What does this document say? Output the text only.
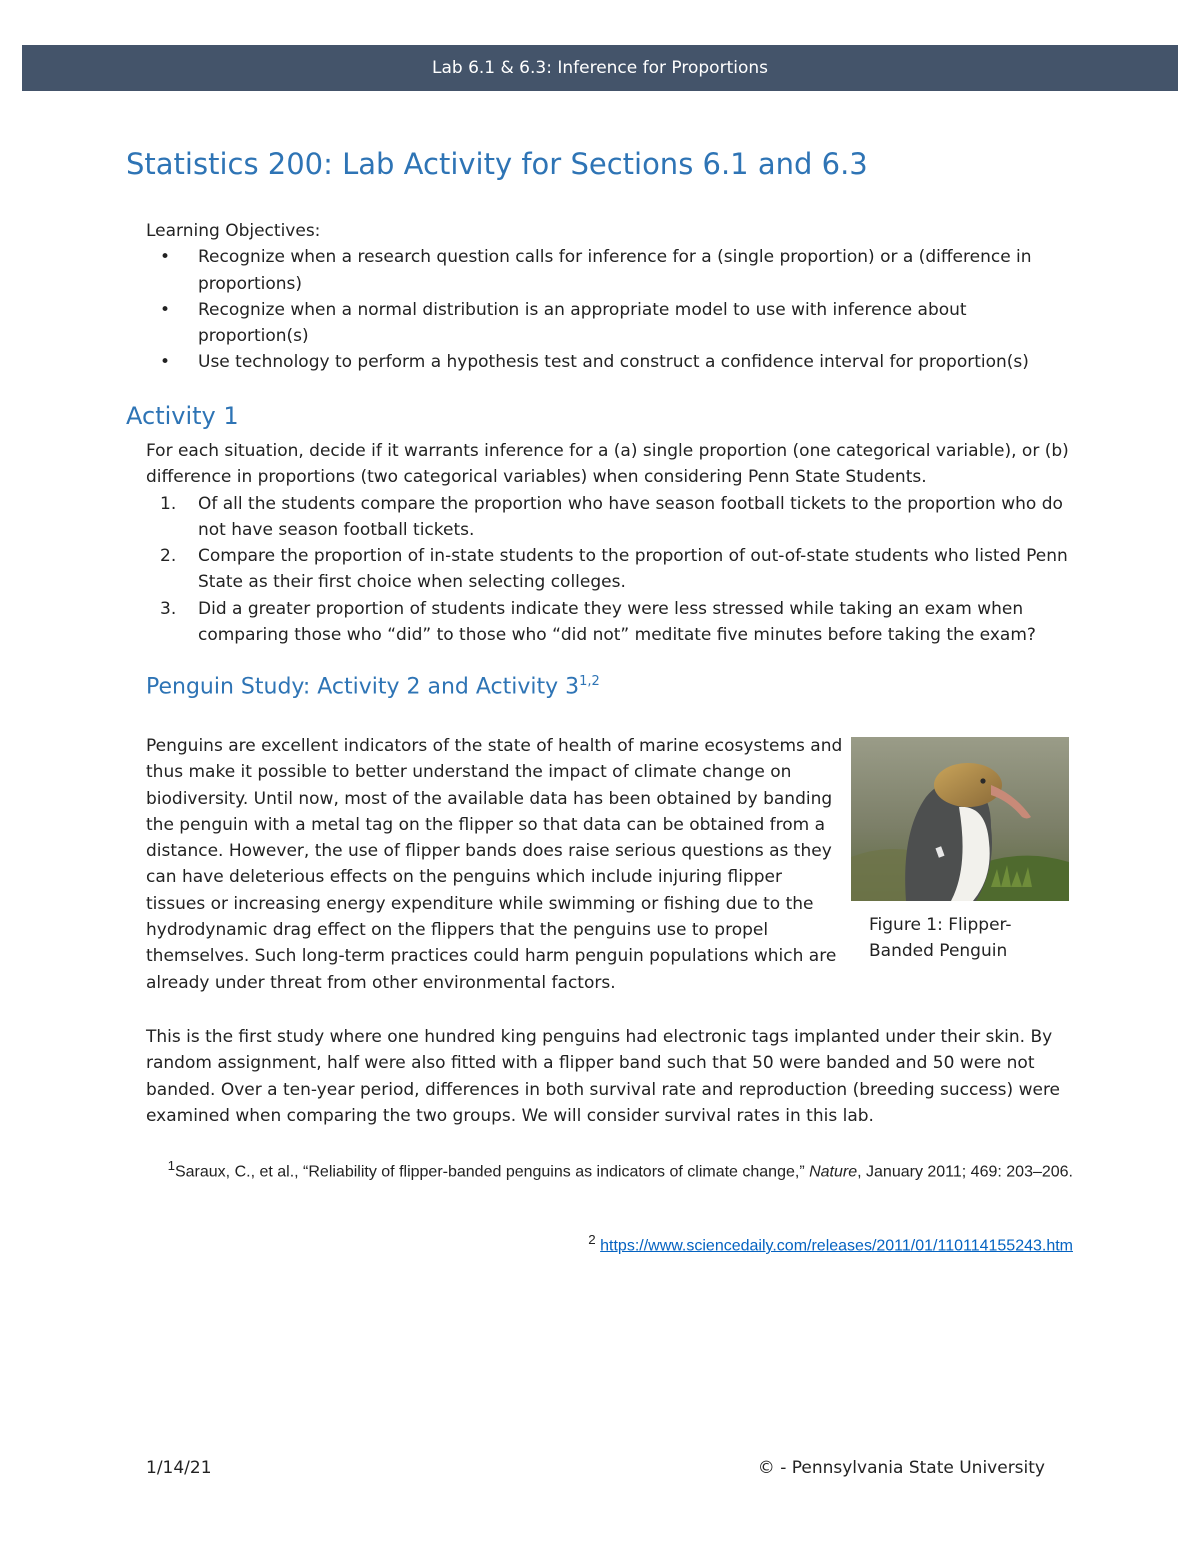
Lab 6.1 & 6.3: Inference for Proportions
Statistics 200: Lab Activity for Sections 6.1 and 6.3
Learning Objectives:
• Recognize when a research question calls for inference for a (single proportion) or a (difference in proportions)
• Recognize when a normal distribution is an appropriate model to use with inference about proportion(s)
• Use technology to perform a hypothesis test and construct a confidence interval for proportion(s)
Activity 1
For each situation, decide if it warrants inference for a (a) single proportion (one categorical variable), or (b) difference in proportions (two categorical variables) when considering Penn State Students.
1. Of all the students compare the proportion who have season football tickets to the proportion who do not have season football tickets.
2. Compare the proportion of in-state students to the proportion of out-of-state students who listed Penn State as their first choice when selecting colleges.
3. Did a greater proportion of students indicate they were less stressed while taking an exam when comparing those who “did” to those who “did not” meditate five minutes before taking the exam?
Penguin Study: Activity 2 and Activity 3$^{1,2}$

Penguins are excellent indicators of the state of health of marine ecosystems and thus make it possible to better understand the impact of climate change on biodiversity. Until now, most of the available data has been obtained by banding the penguin with a metal tag on the flipper so that data can be obtained from a distance. However, the use of flipper bands does raise serious questions as they can have deleterious effects on the penguins which include injuring flipper tissues or increasing energy expenditure while swimming or fishing due to the hydrodynamic drag effect on the flippers that the penguins use to propel themselves. Such long-term practices could harm penguin populations which are already under threat from other environmental factors.

Figure 1: Flipper-Banded Penguin

This is the first study where one hundred king penguins had electronic tags implanted under their skin. By random assignment, half were also fitted with a flipper band such that 50 were banded and 50 were not banded. Over a ten-year period, differences in both survival rate and reproduction (breeding success) were examined when comparing the two groups. We will consider survival rates in this lab.

$^1$Saraux, C., et al., “Reliability of flipper-banded penguins as indicators of climate change,” Nature, January 2011; 469: 203–206.

$^2$ https://www.sciencedaily.com/releases/2011/01/110114155243.htm

1/14/21	© - Pennsylvania State University
